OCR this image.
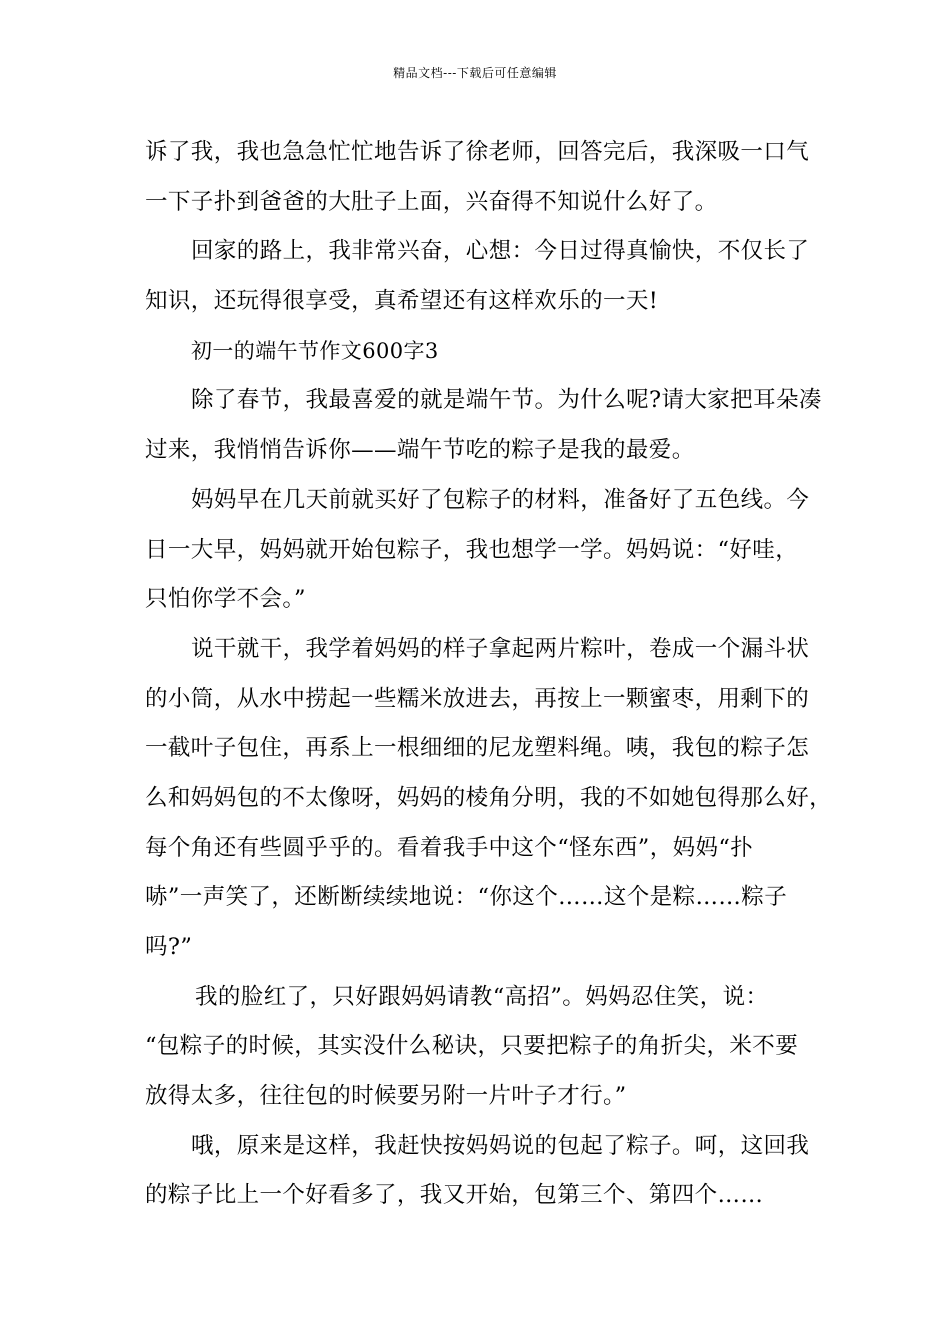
精品文档---下载后可任意编辑
诉了我，我也急急忙忙地告诉了徐老师，回答完后，我深吸一口气
一下子扑到爸爸的大肚子上面，兴奋得不知说什么好了。
回家的路上，我非常兴奋，心想：今日过得真愉快，不仅长了
知识，还玩得很享受，真希望还有这样欢乐的一天!
初一的端午节作文600字3
除了春节，我最喜爱的就是端午节。为什么呢?请大家把耳朵凑
过来，我悄悄告诉你——端午节吃的粽子是我的最爱。
妈妈早在几天前就买好了包粽子的材料，准备好了五色线。今
日一大早，妈妈就开始包粽子，我也想学一学。妈妈说：“好哇，
只怕你学不会。”
说干就干，我学着妈妈的样子拿起两片粽叶，卷成一个漏斗状
的小筒，从水中捞起一些糯米放进去，再按上一颗蜜枣，用剩下的
一截叶子包住，再系上一根细细的尼龙塑料绳。咦，我包的粽子怎
么和妈妈包的不太像呀，妈妈的棱角分明，我的不如她包得那么好，
每个角还有些圆乎乎的。看着我手中这个“怪东西”，妈妈“扑
哧”一声笑了，还断断续续地说：“你这个……这个是粽……粽子
吗?”
我的脸红了，只好跟妈妈请教“高招”。妈妈忍住笑，说：
“包粽子的时候，其实没什么秘诀，只要把粽子的角折尖，米不要
放得太多，往往包的时候要另附一片叶子才行。”
哦，原来是这样，我赶快按妈妈说的包起了粽子。呵，这回我
的粽子比上一个好看多了，我又开始，包第三个、第四个……
